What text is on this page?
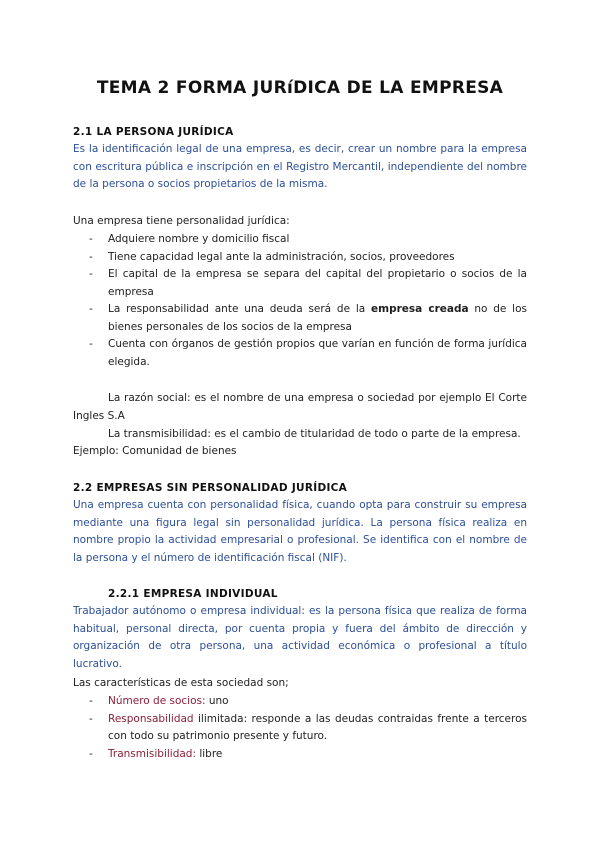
TEMA 2 FORMA JURíDICA DE LA EMPRESA
2.1 LA PERSONA JURÍDICA
Es la identificación legal de una empresa, es decir, crear un nombre para la empresa con escritura pública e inscripción en el Registro Mercantil, independiente del nombre de la persona o socios propietarios de la misma.
Una empresa tiene personalidad jurídica:
- Adquiere nombre y domicilio fiscal
- Tiene capacidad legal ante la administración, socios, proveedores
- El capital de la empresa se separa del capital del propietario o socios de la empresa
- La responsabilidad ante una deuda será de la empresa creada no de los bienes personales de los socios de la empresa
- Cuenta con órganos de gestión propios que varían en función de forma jurídica elegida.
La razón social: es el nombre de una empresa o sociedad por ejemplo El Corte Ingles S.A
La transmisibilidad: es el cambio de titularidad de todo o parte de la empresa.
Ejemplo: Comunidad de bienes
2.2 EMPRESAS SIN PERSONALIDAD JURÍDICA
Una empresa cuenta con personalidad física, cuando opta para construir su empresa mediante una figura legal sin personalidad jurídica. La persona física realiza en nombre propio la actividad empresarial o profesional. Se identifica con el nombre de la persona y el número de identificación fiscal (NIF).
2.2.1 EMPRESA INDIVIDUAL
Trabajador autónomo o empresa individual: es la persona física que realiza de forma habitual, personal directa, por cuenta propia y fuera del ámbito de dirección y organización de otra persona, una actividad económica o profesional a título lucrativo.
Las características de esta sociedad son;
- Número de socios: uno
- Responsabilidad ilimitada: responde a las deudas contraidas frente a terceros con todo su patrimonio presente y futuro.
- Transmisibilidad: libre
